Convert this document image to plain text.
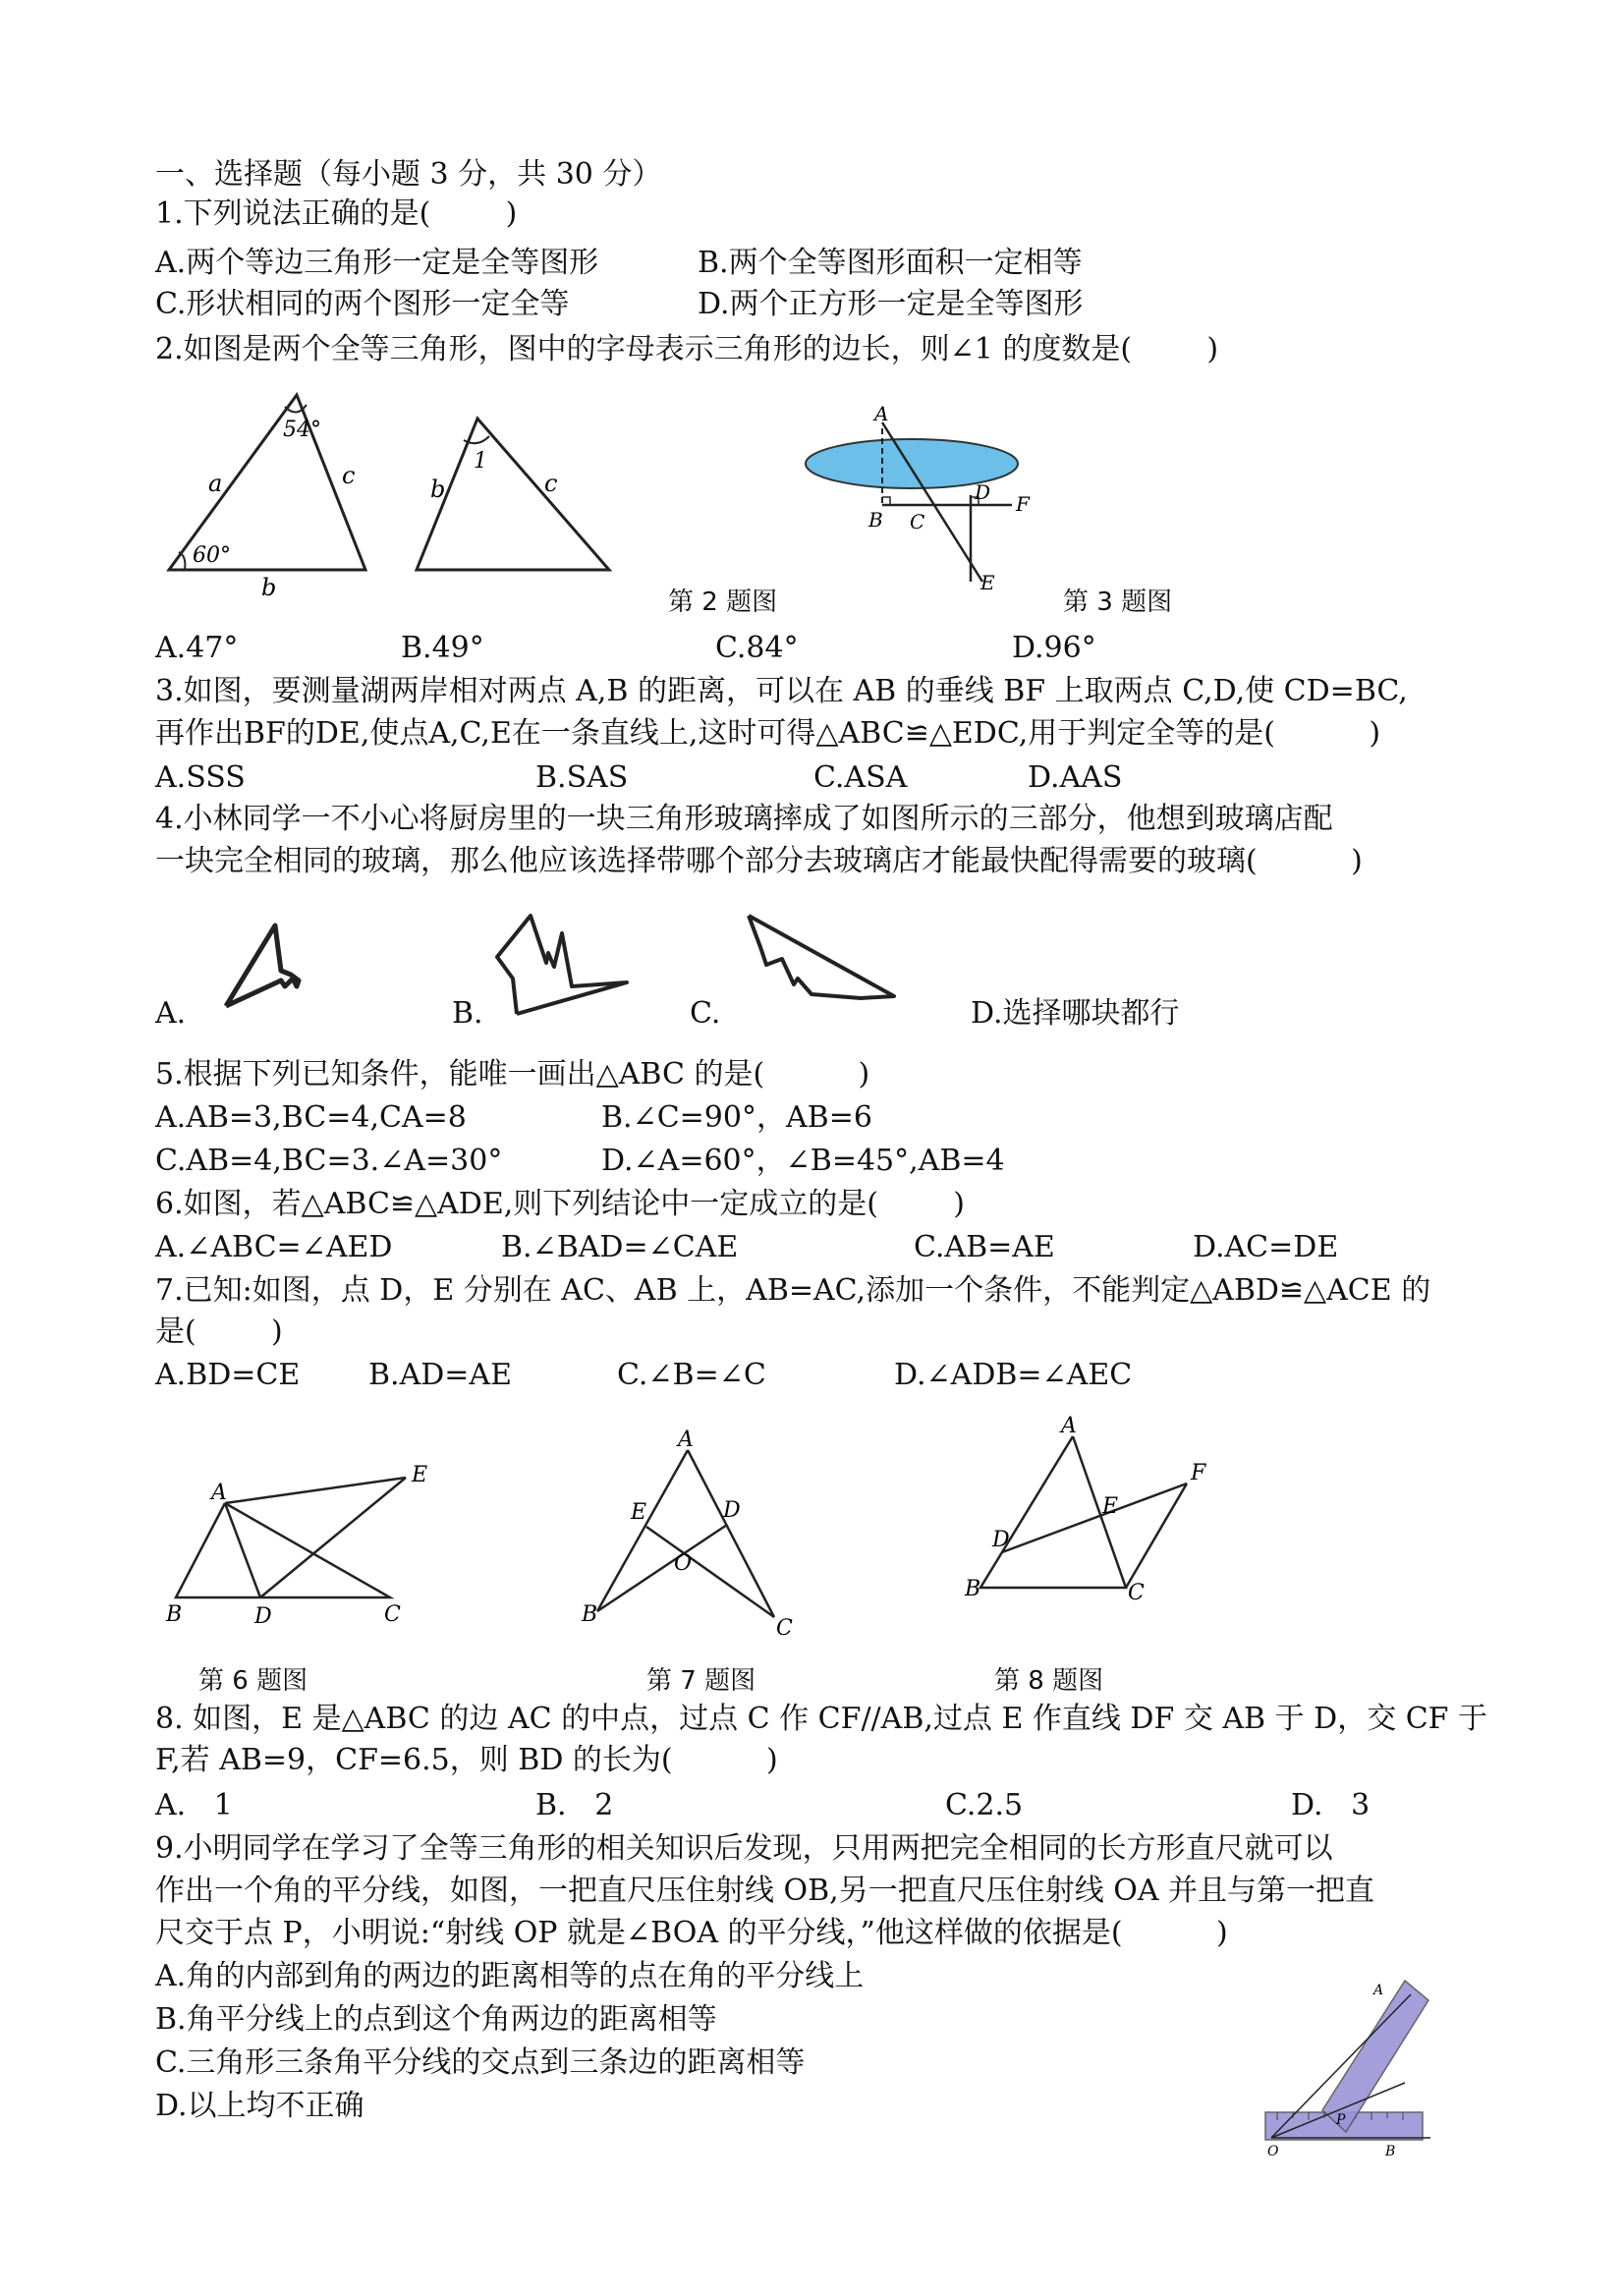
一、选择题（每小题 3 分，共 30 分）
1.下列说法正确的是(        )
A.两个等边三角形一定是全等图形	B.两个全等图形面积一定相等
C.形状相同的两个图形一定全等	D.两个正方形一定是全等图形
2.如图是两个全等三角形，图中的字母表示三角形的边长，则∠1 的度数是(        )
54°
60°
a	c
b
1
b	c
A
B C
D F
E
第 2 题图	第 3 题图
A.47°	B.49°	C.84°	D.96°
3.如图，要测量湖两岸相对两点 A,B 的距离，可以在 AB 的垂线 BF 上取两点 C,D,使 CD=BC,
再作出BF的DE,使点A,C,E在一条直线上,这时可得△ABC≌△EDC,用于判定全等的是(          )
A.SSS	B.SAS	C.ASA	D.AAS
4.小林同学一不小心将厨房里的一块三角形玻璃摔成了如图所示的三部分，他想到玻璃店配
一块完全相同的玻璃，那么他应该选择带哪个部分去玻璃店才能最快配得需要的玻璃(          )
A.	B.	C.	D.选择哪块都行
5.根据下列已知条件，能唯一画出△ABC 的是(          )
A.AB=3,BC=4,CA=8	B.∠C=90°，AB=6
C.AB=4,BC=3.∠A=30°	D.∠A=60°，∠B=45°,AB=4
6.如图，若△ABC≌△ADE,则下列结论中一定成立的是(        )
A.∠ABC=∠AED	B.∠BAD=∠CAE	C.AB=AE	D.AC=DE
7.已知:如图，点 D，E 分别在 AC、AB 上，AB=AC,添加一个条件，不能判定△ABD≌△ACE 的
是(        )
A.BD=CE B.AD=AE	C.∠B=∠C	D.∠ADB=∠AEC
A
E
B	D	C
A
E	D
O
B
C
A
F
E
D
B	C
第 6 题图	第 7 题图	第 8 题图
8. 如图，E 是△ABC 的边 AC 的中点，过点 C 作 CF//AB,过点 E 作直线 DF 交 AB 于 D，交 CF 于
F,若 AB=9，CF=6.5，则 BD 的长为(          )
A.   1	B.   2	C.2.5	D.   3
9.小明同学在学习了全等三角形的相关知识后发现，只用两把完全相同的长方形直尺就可以
作出一个角的平分线，如图，一把直尺压住射线 OB,另一把直尺压住射线 OA 并且与第一把直
尺交于点 P，小明说:“射线 OP 就是∠BOA 的平分线，”他这样做的依据是(          )
A.角的内部到角的两边的距离相等的点在角的平分线上
B.角平分线上的点到这个角两边的距离相等
C.三角形三条角平分线的交点到三条边的距离相等
D.以上均不正确
A
P
O	B
